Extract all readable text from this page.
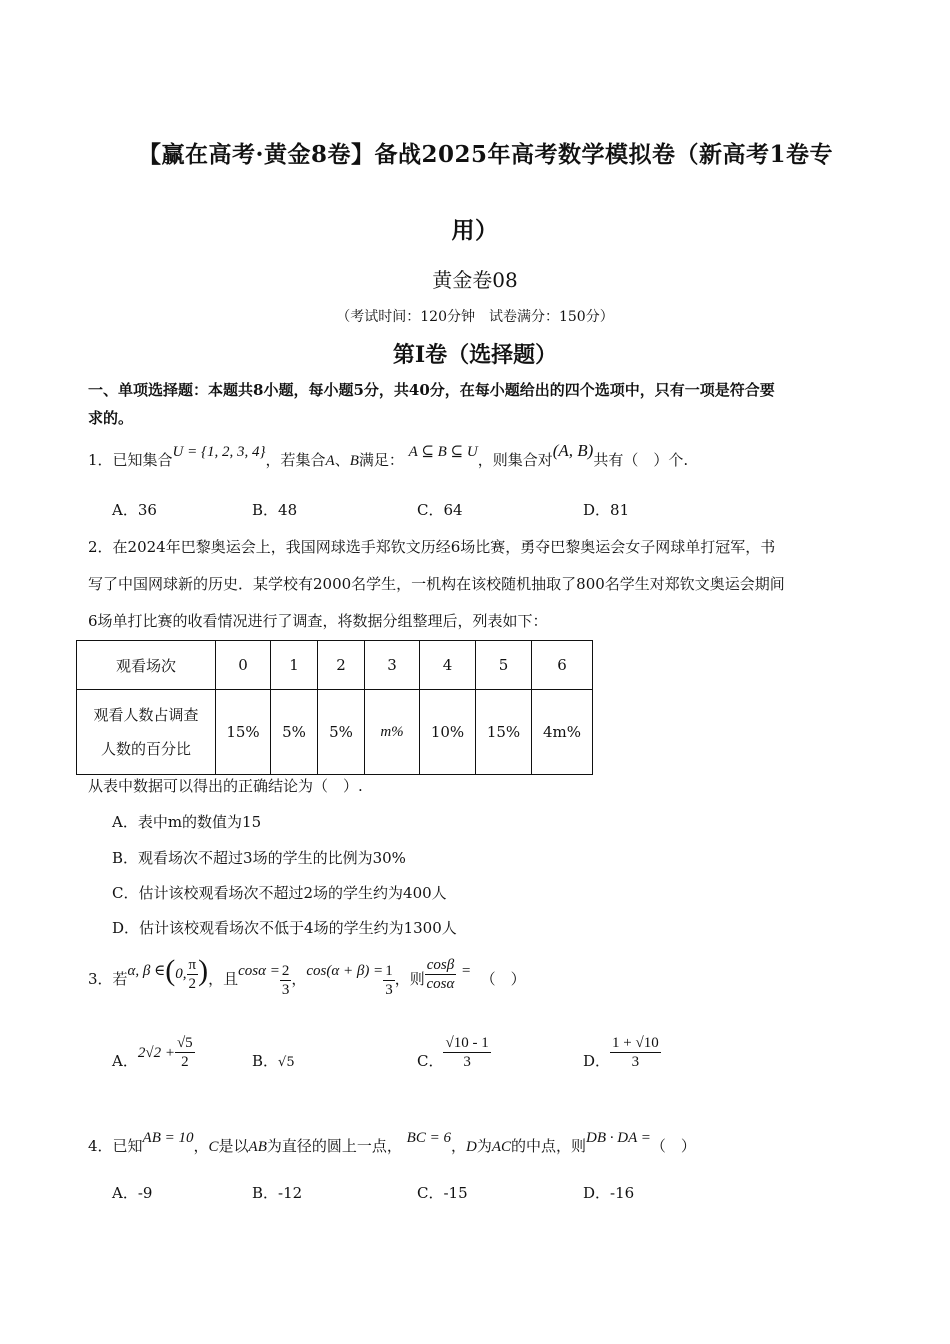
【赢在高考·黄金8卷】备战2025年高考数学模拟卷（新高考1卷专
用）
黄金卷08
（考试时间：120分钟　试卷满分：150分）
第I卷（选择题）
一、单项选择题：本题共8小题，每小题5分，共40分，在每小题给出的四个选项中，只有一项是符合要
求的。
1．已知集合U = {1, 2, 3, 4}，若集合A、B满足： A ⊆ B ⊆ U，则集合对(A, B)共有（　）个.
A．36	B．48	C．64	D．81
2．在2024年巴黎奥运会上，我国网球选手郑钦文历经6场比赛，勇夺巴黎奥运会女子网球单打冠军，书
写了中国网球新的历史．某学校有2000名学生，一机构在该校随机抽取了800名学生对郑钦文奥运会期间
6场单打比赛的收看情况进行了调查，将数据分组整理后，列表如下：
观看场次	0	1	2	3	4	5	6
观看人数占调查
人数的百分比	15%	5%	5%	m%	10%	15%	4m%
从表中数据可以得出的正确结论为（　）.
A．表中m的数值为15
B．观看场次不超过3场的学生的比例为30%
C．估计该校观看场次不超过2场的学生约为400人
D．估计该校观看场次不低于4场的学生约为1300人
3．若α, β ∈(0, $\frac{\pi}{2}$ )，且$\cos\alpha = \frac{2}{3}$ ，$\cos(\alpha + \beta) = \frac{1}{3}$ ，则 $\frac{\cos\beta}{\cos\alpha}$ = （　）
A．$2√2 + \frac{√5}{2}$	B．√5	C． $\frac{√10 - 1}{3}$	D． $\frac{1 + √10}{3}$
4．已知AB = 10，C是以AB为直径的圆上一点， BC = 6，D为AC的中点，则DB · DA =（　）
A．-9	B．-12	C．-15	D．-16
